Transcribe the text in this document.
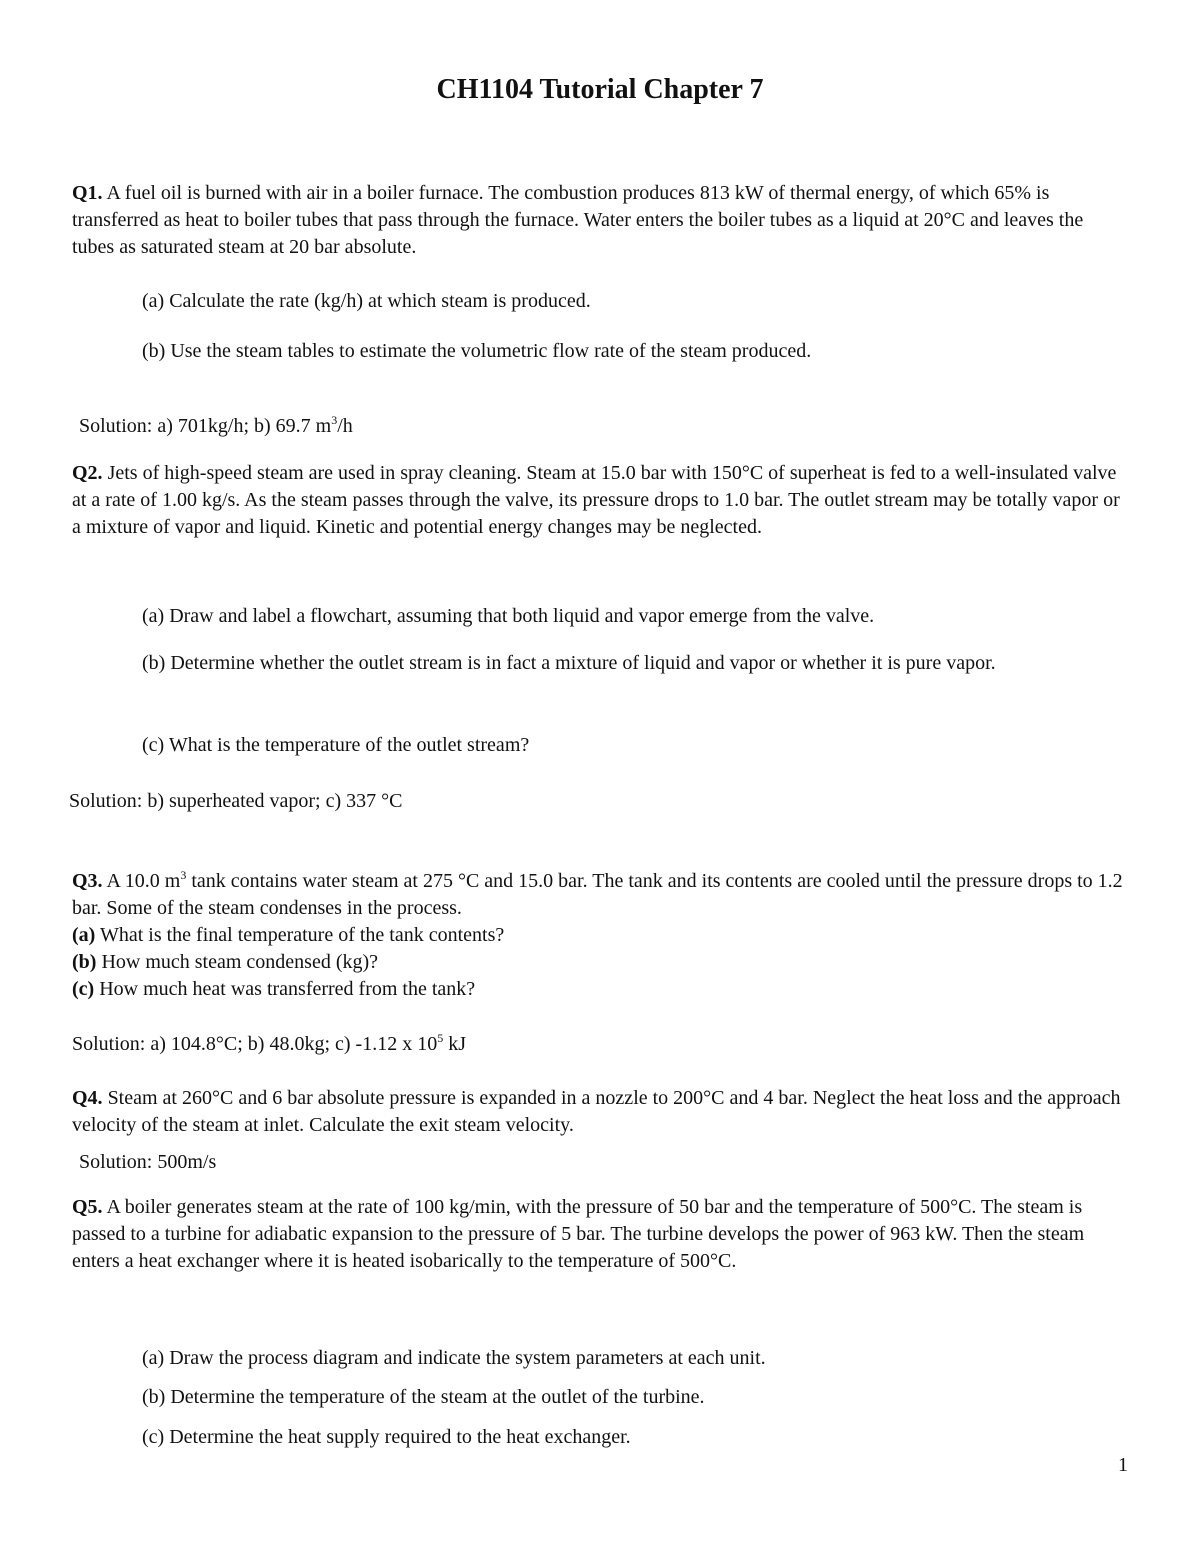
CH1104 Tutorial Chapter 7

Q1. A fuel oil is burned with air in a boiler furnace. The combustion produces 813 kW of thermal energy, of which 65% is transferred as heat to boiler tubes that pass through the furnace. Water enters the boiler tubes as a liquid at 20°C and leaves the tubes as saturated steam at 20 bar absolute.

(a) Calculate the rate (kg/h) at which steam is produced.

(b) Use the steam tables to estimate the volumetric flow rate of the steam produced.

Solution: a) 701kg/h; b) 69.7 $m^3/h$

Q2. Jets of high-speed steam are used in spray cleaning. Steam at 15.0 bar with 150°C of superheat is fed to a well-insulated valve at a rate of 1.00 kg/s. As the steam passes through the valve, its pressure drops to 1.0 bar. The outlet stream may be totally vapor or a mixture of vapor and liquid. Kinetic and potential energy changes may be neglected.

(a) Draw and label a flowchart, assuming that both liquid and vapor emerge from the valve.

(b) Determine whether the outlet stream is in fact a mixture of liquid and vapor or whether it is pure vapor.

(c) What is the temperature of the outlet stream?

Solution: b) superheated vapor; c) 337 °C

Q3. A 10.0 $m^3$ tank contains water steam at 275 °C and 15.0 bar. The tank and its contents are cooled until the pressure drops to 1.2 bar. Some of the steam condenses in the process.

(a) What is the final temperature of the tank contents?
(b) How much steam condensed (kg)?
(c) How much heat was transferred from the tank?
Solution: a) 104.8°C; b) 48.0kg; c) -1.12 x $10^5$ kJ

Q4. Steam at 260°C and 6 bar absolute pressure is expanded in a nozzle to 200°C and 4 bar. Neglect the heat loss and the approach velocity of the steam at inlet. Calculate the exit steam velocity.

Solution: 500m/s

Q5. A boiler generates steam at the rate of 100 kg/min, with the pressure of 50 bar and the temperature of 500°C. The steam is passed to a turbine for adiabatic expansion to the pressure of 5 bar. The turbine develops the power of 963 kW. Then the steam enters a heat exchanger where it is heated isobarically to the temperature of 500°C.

(a) Draw the process diagram and indicate the system parameters at each unit.

(b) Determine the temperature of the steam at the outlet of the turbine.

(c) Determine the heat supply required to the heat exchanger.

1
